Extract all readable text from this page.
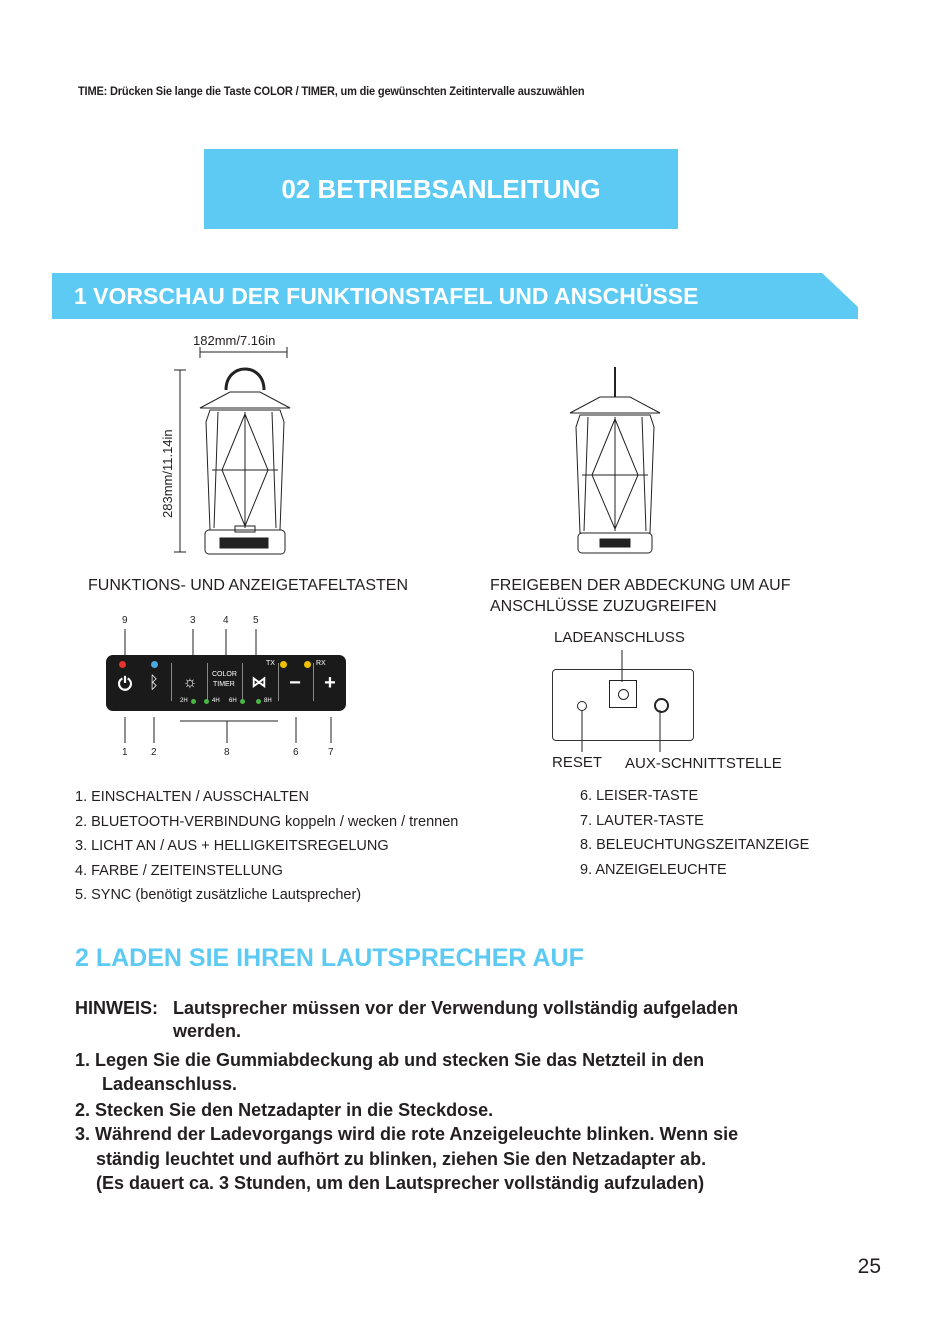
TIME: Drücken Sie lange die Taste COLOR / TIMER, um die gewünschten Zeitintervalle auszuwählen
02 BETRIEBSANLEITUNG
1 VORSCHAU DER FUNKTIONSTAFEL UND ANSCHÜSSE
182mm/7.16in
283mm/11.14in
FUNKTIONS- UND ANZEIGETAFELTASTEN	FREIGEBEN DER ABDECKUNG UM AUF
ANSCHLÜSSE ZUZUGREIFEN
9	3	4 5
⏻ ᛒ	☼	COLOR
TIMER ⋈
TX
−
RX
+
2H	4H 6H	8H
1 2	8	6	7
LADEANSCHLUSS
RESET AUX-SCHNITTSTELLE
1. EINSCHALTEN / AUSSCHALTEN
2. BLUETOOTH-VERBINDUNG koppeln / wecken / trennen
3. LICHT AN / AUS + HELLIGKEITSREGELUNG
4. FARBE / ZEITEINSTELLUNG
5. SYNC (benötigt zusätzliche Lautsprecher)
6. LEISER-TASTE
7. LAUTER-TASTE
8. BELEUCHTUNGSZEITANZEIGE
9. ANZEIGELEUCHTE
2 LADEN SIE IHREN LAUTSPRECHER AUF
HINWEIS: Lautsprecher müssen vor der Verwendung vollständig aufgeladen
werden.
1. Legen Sie die Gummiabdeckung ab und stecken Sie das Netzteil in den
Ladeanschluss.
2. Stecken Sie den Netzadapter in die Steckdose.
3. Während der Ladevorgangs wird die rote Anzeigeleuchte blinken. Wenn sie
ständig leuchtet und aufhört zu blinken, ziehen Sie den Netzadapter ab.
(Es dauert ca. 3 Stunden, um den Lautsprecher vollständig aufzuladen)
25
